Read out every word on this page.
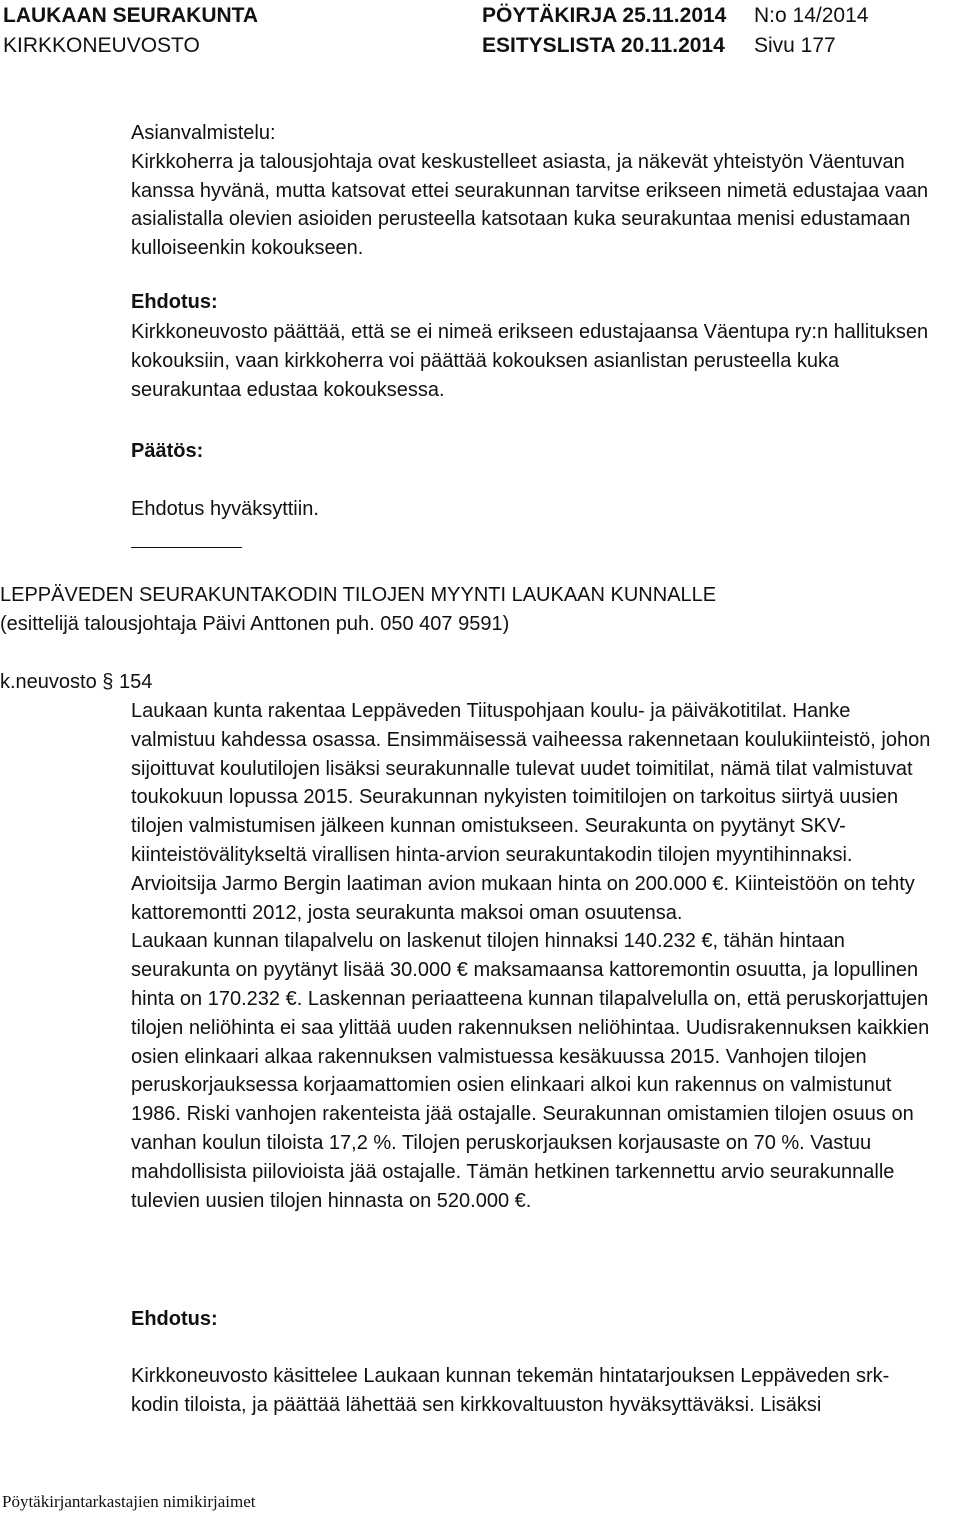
LAUKAAN SEURAKUNTA
KIRKKONEUVOSTO
PÖYTÄKIRJA 25.11.2014
ESITYSLISTA 20.11.2014
N:o 14/2014
Sivu 177

Asianvalmistelu:

Kirkkoherra ja talousjohtaja ovat keskustelleet asiasta, ja näkevät yhteistyön Väentuvan kanssa hyvänä, mutta katsovat ettei seurakunnan tarvitse erikseen nimetä edustajaa vaan asialistalla olevien asioiden perusteella katsotaan kuka seurakuntaa menisi edustamaan kulloiseenkin kokoukseen.

Ehdotus:
Kirkkoneuvosto päättää, että se ei nimeä erikseen edustajaansa Väentupa ry:n hallituksen kokouksiin, vaan kirkkoherra voi päättää kokouksen asianlistan perusteella kuka seurakuntaa edustaa kokouksessa.
Päätös:
Ehdotus hyväksyttiin.
LEPPÄVEDEN SEURAKUNTAKODIN TILOJEN MYYNTI LAUKAAN KUNNALLE
(esittelijä talousjohtaja Päivi Anttonen puh. 050 407 9591)
k.neuvosto § 154

Laukaan kunta rakentaa Leppäveden Tiituspohjaan koulu- ja päiväkotitilat. Hanke valmistuu kahdessa osassa. Ensimmäisessä vaiheessa rakennetaan koulukiinteistö, johon sijoittuvat koulutilojen lisäksi seurakunnalle tulevat uudet toimitilat, nämä tilat valmistuvat toukokuun lopussa 2015. Seurakunnan nykyisten toimitilojen on tarkoitus siirtyä uusien tilojen valmistumisen jälkeen kunnan omistukseen. Seurakunta on pyytänyt SKV-kiinteistövälitykseltä virallisen hinta-arvion seurakuntakodin tilojen myyntihinnaksi. Arvioitsija Jarmo Bergin laatiman avion mukaan hinta on 200.000 €. Kiinteistöön on tehty kattoremontti 2012, josta seurakunta maksoi oman osuutensa.

Laukaan kunnan tilapalvelu on laskenut tilojen hinnaksi 140.232 €, tähän hintaan seurakunta on pyytänyt lisää 30.000 € maksamaansa kattoremontin osuutta, ja lopullinen hinta on 170.232 €. Laskennan periaatteena kunnan tilapalvelulla on, että peruskorjattujen tilojen neliöhinta ei saa ylittää uuden rakennuksen neliöhintaa. Uudisrakennuksen kaikkien osien elinkaari alkaa rakennuksen valmistuessa kesäkuussa 2015. Vanhojen tilojen peruskorjauksessa korjaamattomien osien elinkaari alkoi kun rakennus on valmistunut 1986. Riski vanhojen rakenteista jää ostajalle. Seurakunnan omistamien tilojen osuus on vanhan koulun tiloista 17,2 %. Tilojen peruskorjauksen korjausaste on 70 %. Vastuu mahdollisista piilovioista jää ostajalle. Tämän hetkinen tarkennettu arvio seurakunnalle tulevien uusien tilojen hinnasta on 520.000 €.

Ehdotus:
Kirkkoneuvosto käsittelee Laukaan kunnan tekemän hintatarjouksen Leppäveden srk-kodin tiloista, ja päättää lähettää sen kirkkovaltuuston hyväksyttäväksi. Lisäksi
Pöytäkirjantarkastajien nimikirjaimet
